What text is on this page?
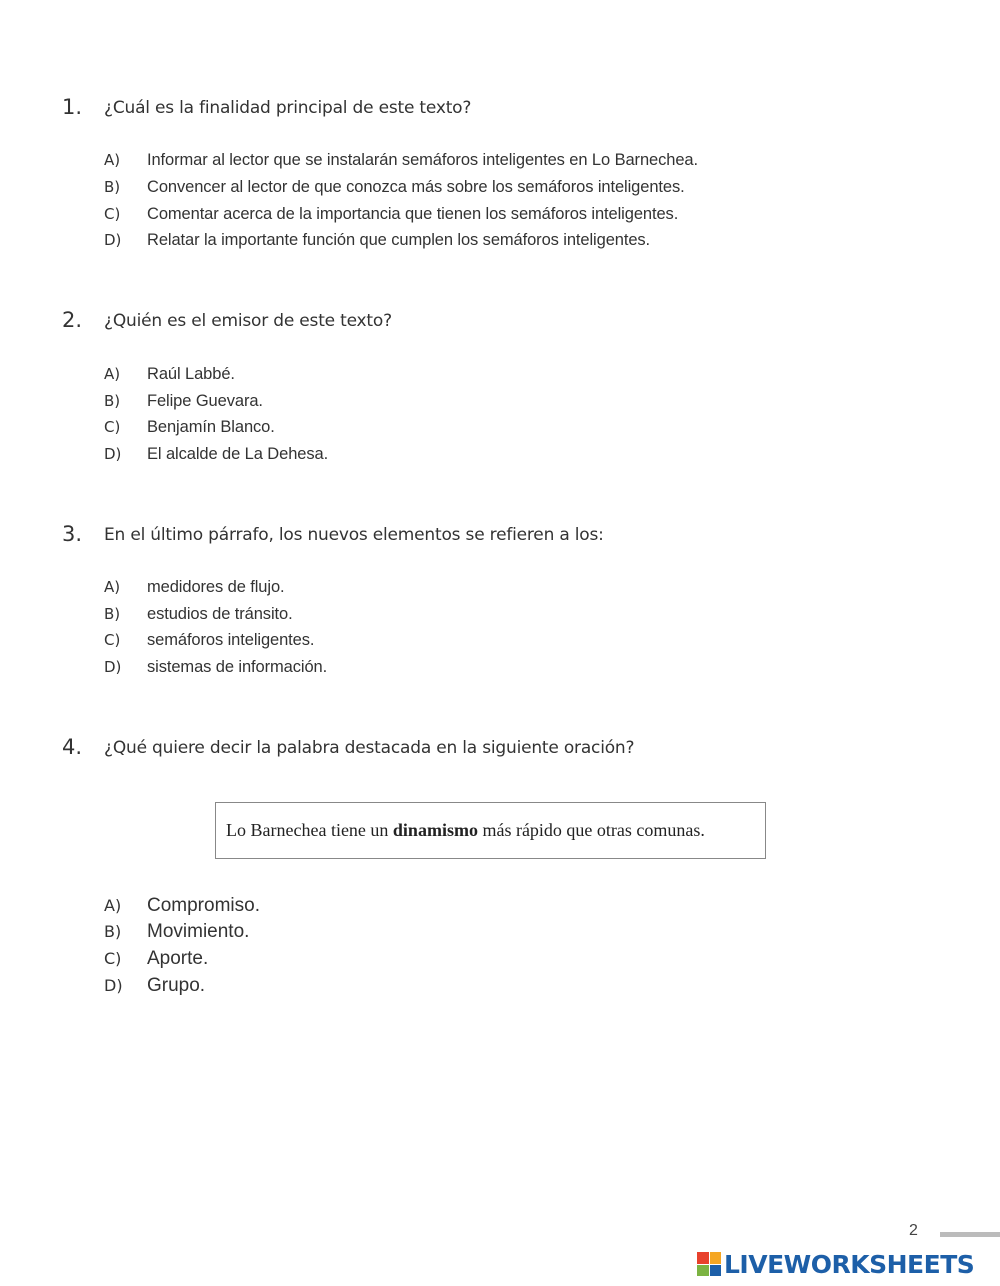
1. ¿Cuál es la finalidad principal de este texto?
A) Informar al lector que se instalarán semáforos inteligentes en Lo Barnechea.
B) Convencer al lector de que conozca más sobre los semáforos inteligentes.
C) Comentar acerca de la importancia que tienen los semáforos inteligentes.
D) Relatar la importante función que cumplen los semáforos inteligentes.
2. ¿Quién es el emisor de este texto?
A) Raúl Labbé.
B) Felipe Guevara.
C) Benjamín Blanco.
D) El alcalde de La Dehesa.
3. En el último párrafo, los nuevos elementos se refieren a los:
A) medidores de flujo.
B) estudios de tránsito.
C) semáforos inteligentes.
D) sistemas de información.
4. ¿Qué quiere decir la palabra destacada en la siguiente oración?
Lo Barnechea tiene un dinamismo más rápido que otras comunas.
A) Compromiso.
B) Movimiento.
C) Aporte.
D) Grupo.
2
LIVEWORKSHEETS
